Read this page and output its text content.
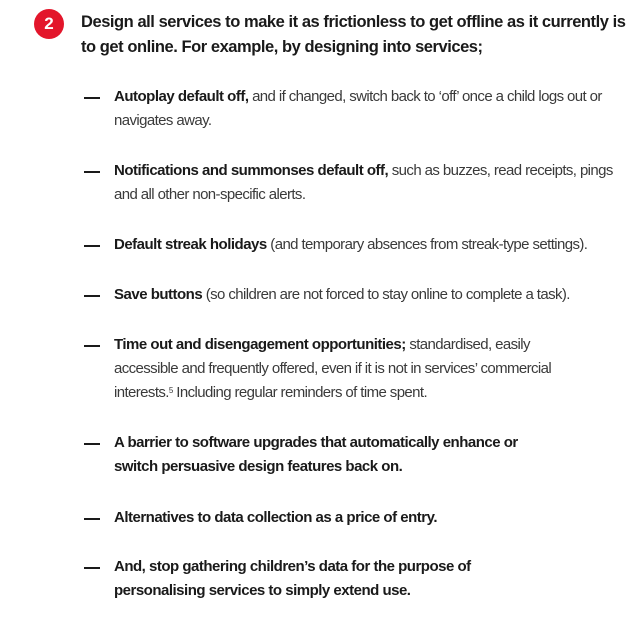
2	Design all services to make it as frictionless to get offline as it currently is to get online. For example, by designing into services;

Autoplay default off, and if changed, switch back to ‘off’ once a child logs out or navigates away.
Notifications and summonses default off, such as buzzes, read receipts, pings and all other non-specific alerts.
Default streak holidays (and temporary absences from streak-type settings).
Save buttons (so children are not forced to stay online to complete a task).
Time out and disengagement opportunities; standardised, easily accessible and frequently offered, even if it is not in services’ commercial interests.$^5$ Including regular reminders of time spent.
A barrier to software upgrades that automatically enhance or switch persuasive design features back on.
Alternatives to data collection as a price of entry.
And, stop gathering children’s data for the purpose of personalising services to simply extend use.
